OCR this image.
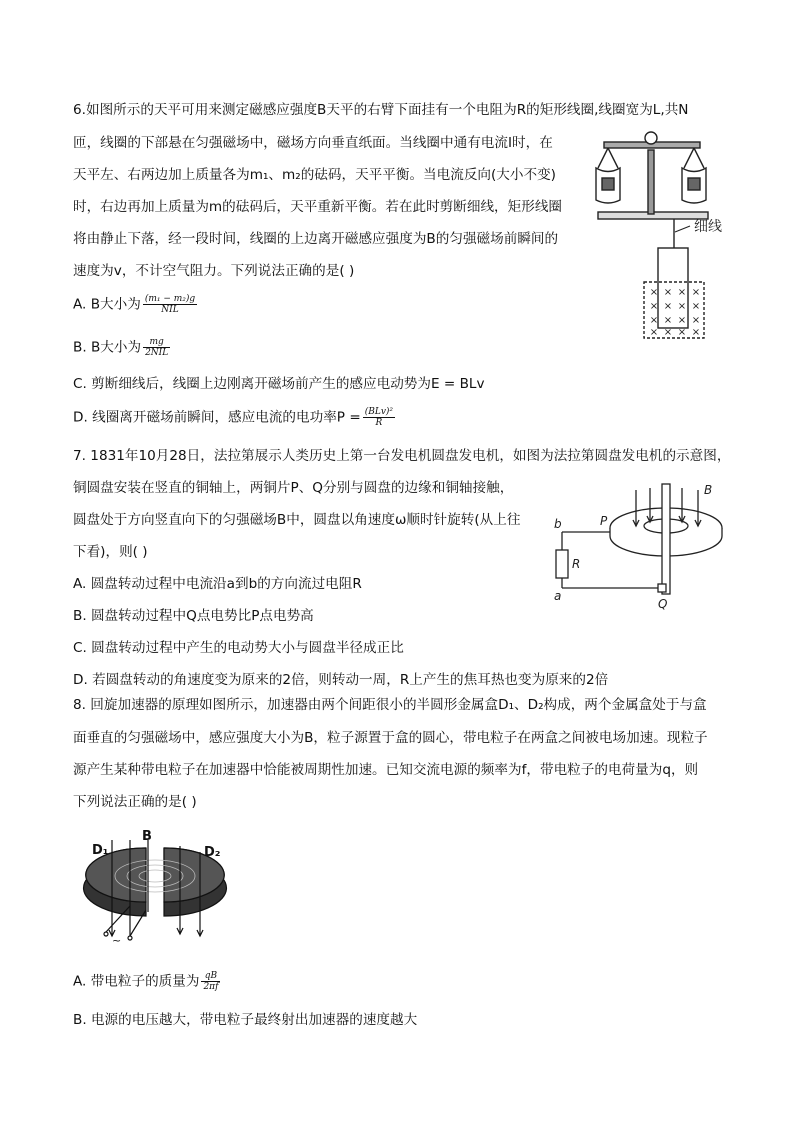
6.如图所示的天平可用来测定磁感应强度B天平的右臂下面挂有一个电阻为R的矩形线圈,线圈宽为L,共N
匝，线圈的下部悬在匀强磁场中，磁场方向垂直纸面。当线圈中通有电流I时，在
天平左、右两边加上质量各为m₁、m₂的砝码，天平平衡。当电流反向(大小不变)
时，右边再加上质量为m的砝码后，天平重新平衡。若在此时剪断细线，矩形线圈
将由静止下落，经一段时间，线圈的上边离开磁感应强度为B的匀强磁场前瞬间的
速度为v，不计空气阻力。下列说法正确的是( )
A. B大小为 $\frac{\text{(m₁ − m₂)g}}{\text{NIL}}$
B. B大小为 $\frac{mg}{\text{2NIL}}$
C. 剪断细线后，线圈上边刚离开磁场前产生的感应电动势为E = BLv
D. 线圈离开磁场前瞬间，感应电流的电功率$P = \frac{\text{(BLv)²}}{R}$
× × × ×
× × × ×
× × × ×
× × × ×
细线
7. 1831年10月28日，法拉第展示人类历史上第一台发电机圆盘发电机，如图为法拉第圆盘发电机的示意图，
铜圆盘安装在竖直的铜轴上，两铜片P、Q分别与圆盘的边缘和铜轴接触，
圆盘处于方向竖直向下的匀强磁场B中，圆盘以角速度ω顺时针旋转(从上往
下看)，则( )
A. 圆盘转动过程中电流沿a到b的方向流过电阻R
B. 圆盘转动过程中Q点电势比P点电势高
C. 圆盘转动过程中产生的电动势大小与圆盘半径成正比
D. 若圆盘转动的角速度变为原来的2倍，则转动一周，R上产生的焦耳热也变为原来的2倍
b
a
P
Q
R
B
8. 回旋加速器的原理如图所示，加速器由两个间距很小的半圆形金属盒D₁、D₂构成，两个金属盒处于与盒
面垂直的匀强磁场中，感应强度大小为B，粒子源置于盒的圆心，带电粒子在两盒之间被电场加速。现粒子
源产生某种带电粒子在加速器中恰能被周期性加速。已知交流电源的频率为f，带电粒子的电荷量为q，则
下列说法正确的是( )
D₁	D₂
B
~
A. 带电粒子的质量为 $\frac{qB}{2\pi f}$
B. 电源的电压越大，带电粒子最终射出加速器的速度越大
